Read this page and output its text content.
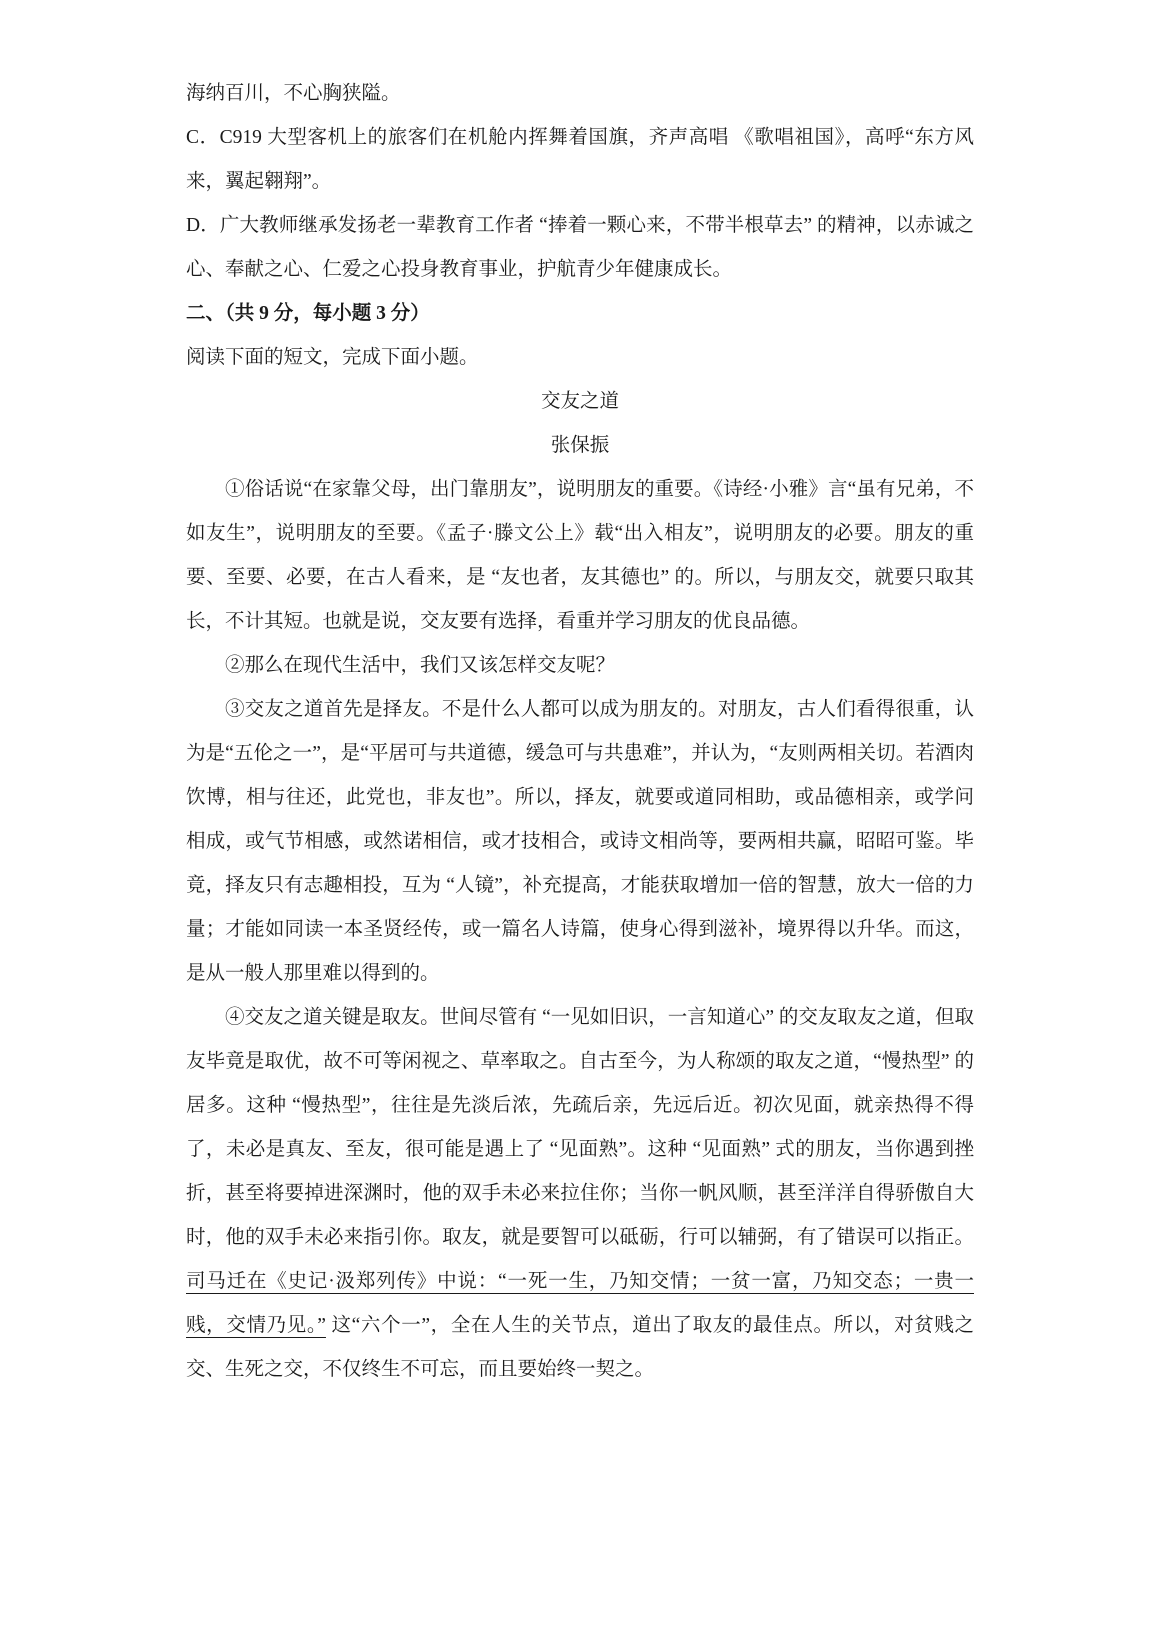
海纳百川，不心胸狭隘。

C．C919 大型客机上的旅客们在机舱内挥舞着国旗，齐声高唱 《歌唱祖国》，高呼“东方风来，翼起翱翔”。

D．广大教师继承发扬老一辈教育工作者 “捧着一颗心来，不带半根草去” 的精神，以赤诚之心、奉献之心、仁爱之心投身教育事业，护航青少年健康成长。

二、（共 9 分，每小题 3 分）

阅读下面的短文，完成下面小题。

交友之道

张保振

①俗话说“在家靠父母，出门靠朋友”，说明朋友的重要。《诗经·小雅》言“虽有兄弟，不如友生”，说明朋友的至要。《孟子·滕文公上》载“出入相友”，说明朋友的必要。朋友的重要、至要、必要，在古人看来，是 “友也者，友其德也” 的。所以，与朋友交，就要只取其长，不计其短。也就是说，交友要有选择，看重并学习朋友的优良品德。

②那么在现代生活中，我们又该怎样交友呢？

③交友之道首先是择友。不是什么人都可以成为朋友的。对朋友，古人们看得很重，认为是“五伦之一”，是“平居可与共道德，缓急可与共患难”，并认为，“友则两相关切。若酒肉饮博，相与往还，此党也，非友也”。所以，择友，就要或道同相助，或品德相亲，或学问相成，或气节相感，或然诺相信，或才技相合，或诗文相尚等，要两相共赢，昭昭可鉴。毕竟，择友只有志趣相投，互为 “人镜”，补充提高，才能获取增加一倍的智慧，放大一倍的力量；才能如同读一本圣贤经传，或一篇名人诗篇，使身心得到滋补，境界得以升华。而这，是从一般人那里难以得到的。

④交友之道关键是取友。世间尽管有 “一见如旧识，一言知道心” 的交友取友之道，但取友毕竟是取优，故不可等闲视之、草率取之。自古至今，为人称颂的取友之道，“慢热型” 的居多。这种 “慢热型”，往往是先淡后浓，先疏后亲，先远后近。初次见面，就亲热得不得了，未必是真友、至友，很可能是遇上了 “见面熟”。这种 “见面熟” 式的朋友，当你遇到挫折，甚至将要掉进深渊时，他的双手未必来拉住你；当你一帆风顺，甚至洋洋自得骄傲自大时，他的双手未必来指引你。取友，就是要智可以砥砺，行可以辅弼，有了错误可以指正。 司马迁在《史记·汲郑列传》中说：“一死一生，乃知交情；一贫一富，乃知交态；一贵一贱，交情乃见。” 这“六个一”，全在人生的关节点，道出了取友的最佳点。所以，对贫贱之交、生死之交，不仅终生不可忘，而且要始终一契之。
